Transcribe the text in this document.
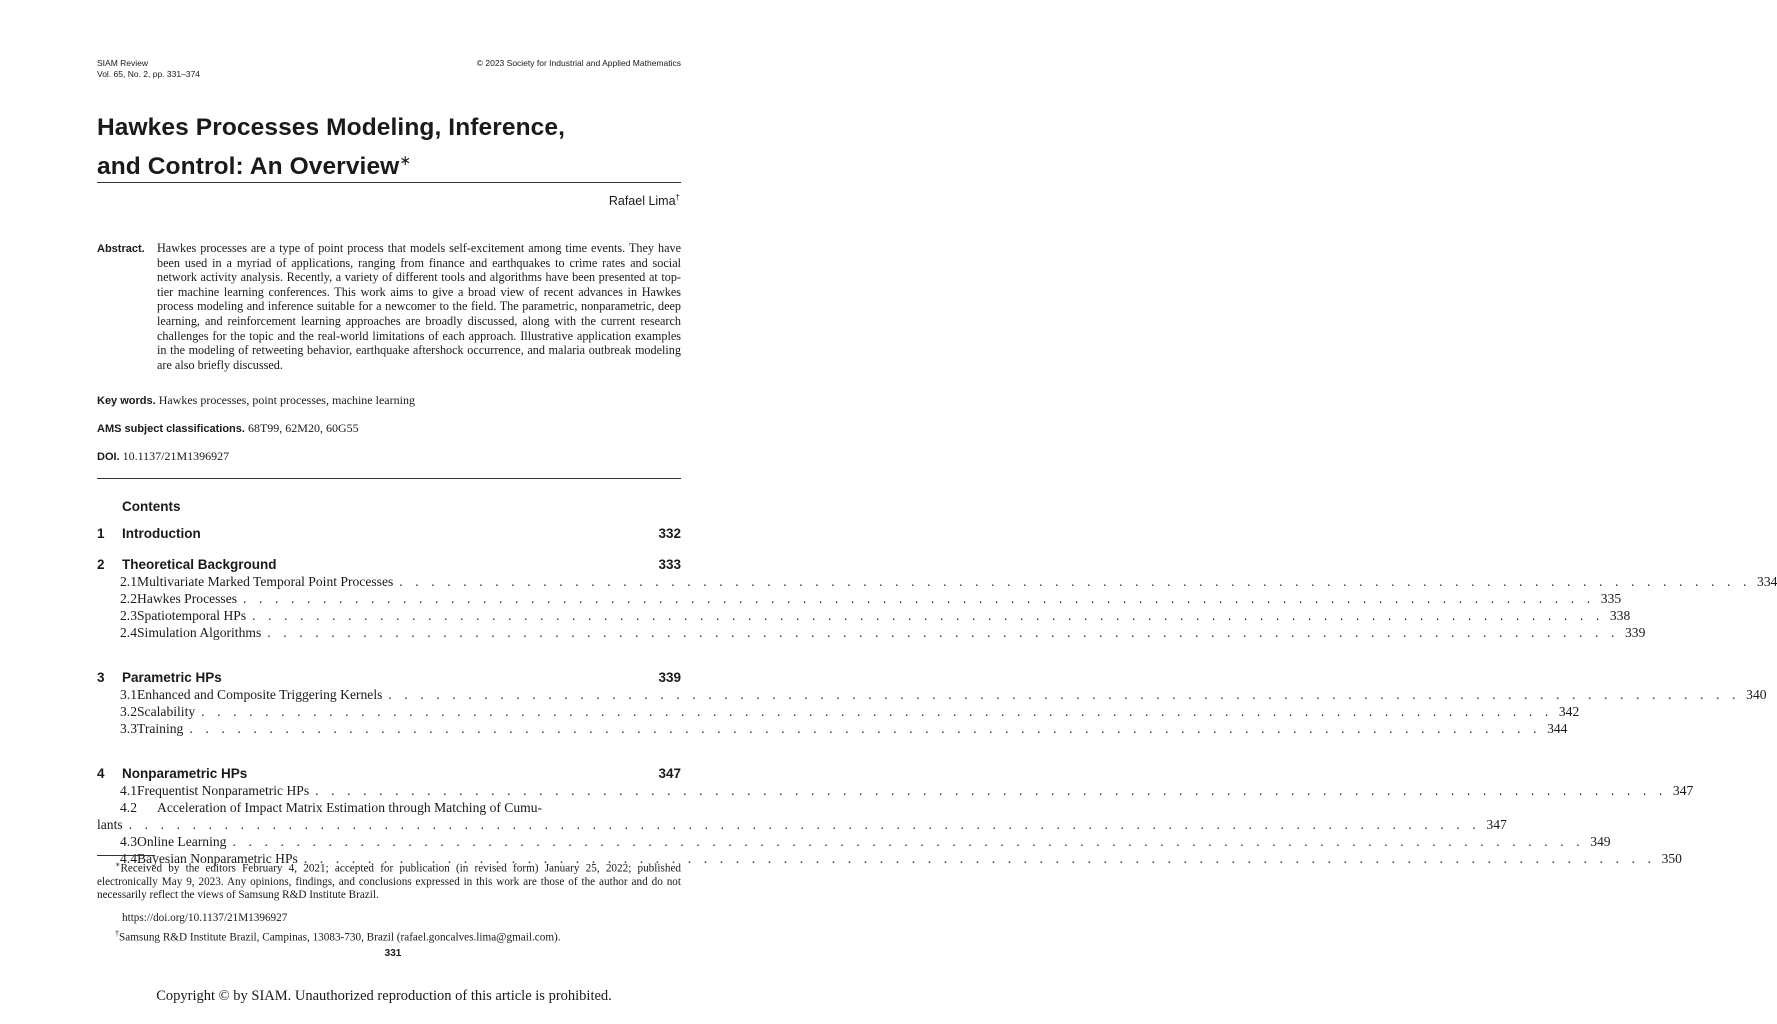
SIAM Review
Vol. 65, No. 2, pp. 331–374
© 2023 Society for Industrial and Applied Mathematics
Hawkes Processes Modeling, Inference,
and Control: An Overview∗
Rafael Lima†
Abstract. Hawkes processes are a type of point process that models self-excitement among time events. They have been used in a myriad of applications, ranging from finance and earthquakes to crime rates and social network activity analysis. Recently, a variety of different tools and algorithms have been presented at top-tier machine learning conferences. This work aims to give a broad view of recent advances in Hawkes process modeling and inference suitable for a newcomer to the field. The parametric, nonparametric, deep learning, and reinforcement learning approaches are broadly discussed, along with the current research challenges for the topic and the real-world limitations of each approach. Illustrative application examples in the modeling of retweeting behavior, earthquake aftershock occurrence, and malaria outbreak modeling are also briefly discussed.
Key words. Hawkes processes, point processes, machine learning
AMS subject classifications. 68T99, 62M20, 60G55
DOI. 10.1137/21M1396927
Contents
1	Introduction	332
2	Theoretical Background	333
2.1 Multivariate Marked Temporal Point Processes . . . . . . . . . . . . . . . . . . . . . . . . . . . . . . . . . . . . . . . . . . . . . . . . . . . . . . . . . . . . . . . . . . . . . . . . . . . . . . . . . . . . . 334
2.2 Hawkes Processes . . . . . . . . . . . . . . . . . . . . . . . . . . . . . . . . . . . . . . . . . . . . . . . . . . . . . . . . . . . . . . . . . . . . . . . . . . . . . . . . . . . . . 335
2.3 Spatiotemporal HPs . . . . . . . . . . . . . . . . . . . . . . . . . . . . . . . . . . . . . . . . . . . . . . . . . . . . . . . . . . . . . . . . . . . . . . . . . . . . . . . . . . . . . 338
2.4 Simulation Algorithms . . . . . . . . . . . . . . . . . . . . . . . . . . . . . . . . . . . . . . . . . . . . . . . . . . . . . . . . . . . . . . . . . . . . . . . . . . . . . . . . . . . . . 339
3	Parametric HPs	339
3.1 Enhanced and Composite Triggering Kernels . . . . . . . . . . . . . . . . . . . . . . . . . . . . . . . . . . . . . . . . . . . . . . . . . . . . . . . . . . . . . . . . . . . . . . . . . . . . . . . . . . . . . 340
3.2 Scalability . . . . . . . . . . . . . . . . . . . . . . . . . . . . . . . . . . . . . . . . . . . . . . . . . . . . . . . . . . . . . . . . . . . . . . . . . . . . . . . . . . . . . 342
3.3 Training . . . . . . . . . . . . . . . . . . . . . . . . . . . . . . . . . . . . . . . . . . . . . . . . . . . . . . . . . . . . . . . . . . . . . . . . . . . . . . . . . . . . . 344
4	Nonparametric HPs	347
4.1 Frequentist Nonparametric HPs . . . . . . . . . . . . . . . . . . . . . . . . . . . . . . . . . . . . . . . . . . . . . . . . . . . . . . . . . . . . . . . . . . . . . . . . . . . . . . . . . . . . . 347
4.2	Acceleration of Impact Matrix Estimation through Matching of Cumu-
lants . . . . . . . . . . . . . . . . . . . . . . . . . . . . . . . . . . . . . . . . . . . . . . . . . . . . . . . . . . . . . . . . . . . . . . . . . . . . . . . . . . . . . 347
4.3 Online Learning . . . . . . . . . . . . . . . . . . . . . . . . . . . . . . . . . . . . . . . . . . . . . . . . . . . . . . . . . . . . . . . . . . . . . . . . . . . . . . . . . . . . . 349
4.4 Bayesian Nonparametric HPs . . . . . . . . . . . . . . . . . . . . . . . . . . . . . . . . . . . . . . . . . . . . . . . . . . . . . . . . . . . . . . . . . . . . . . . . . . . . . . . . . . . . . 350
∗Received by the editors February 4, 2021; accepted for publication (in revised form) January 25, 2022; published electronically May 9, 2023. Any opinions, findings, and conclusions expressed in this work are those of the author and do not necessarily reflect the views of Samsung R&D Institute Brazil.
https://doi.org/10.1137/21M1396927
†Samsung R&D Institute Brazil, Campinas, 13083-730, Brazil (rafael.goncalves.lima@gmail.com).
331
Copyright © by SIAM. Unauthorized reproduction of this article is prohibited.
